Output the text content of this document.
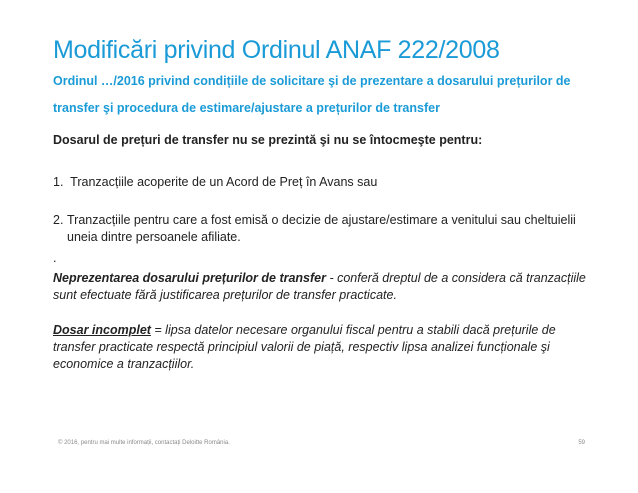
Modificări privind Ordinul ANAF 222/2008
Ordinul …/2016 privind condițiile de solicitare şi de prezentare a dosarului prețurilor de
transfer şi procedura de estimare/ajustare a prețurilor de transfer
Dosarul de prețuri de transfer nu se prezintă şi nu se întocmeşte pentru:
1. Tranzacțiile acoperite de un Acord de Preț în Avans sau
2. Tranzacțiile pentru care a fost emisă o decizie de ajustare/estimare a venitului sau cheltuielii uneia dintre persoanele afiliate.
.
Neprezentarea dosarului prețurilor de transfer - conferă dreptul de a considera că tranzacțiile sunt efectuate fără justificarea prețurilor de transfer practicate.
Dosar incomplet = lipsa datelor necesare organului fiscal pentru a stabili dacă prețurile de transfer practicate respectă principiul valorii de piață, respectiv lipsa analizei funcționale şi economice a tranzacțiilor.
© 2016, pentru mai multe informații, contactați Deloitte România.	59
